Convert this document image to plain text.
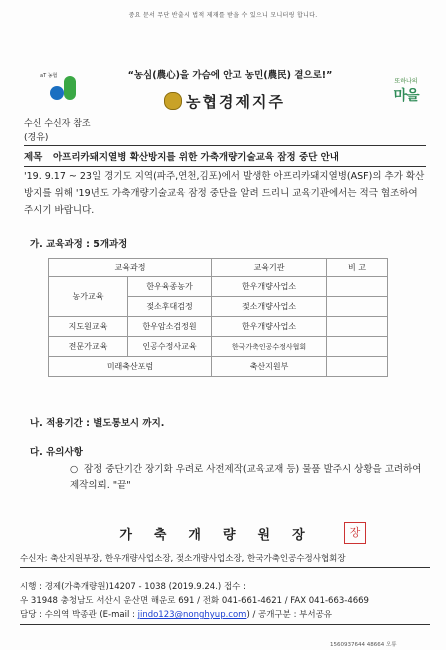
중요 문서 무단 반출시 법적 제재를 받을 수 있으니 모니터링 합니다.
aT 농협	“농심(農心)을 가슴에 안고 농민(農民) 곁으로!”
또하나의
마을
농협경제지주
수신 수신자 참조
(경유)
제목 아프리카돼지열병 확산방지를 위한 가축개량기술교육 잠정 중단 안내
'19. 9.17 ~ 23일 경기도 지역(파주,연천,김포)에서 발생한 아프리카돼지열병(ASF)의 추가 확산 방지를 위해 '19년도 가축개량기술교육 잠정 중단을 알려 드리니 교육기관에서는 적극 협조하여 주시기 바랍니다.
가. 교육과정 : 5개과정
교육과정		교육기관	비 고
농가교육	한우육종농가	한우개량사업소	
	젖소후대검정	젖소개량사업소	
지도원교육	한우암소검정원	한우개량사업소	
전문가교육	인공수정사교육	한국가축인공수정사협회	
미래축산포럼		축산지원부	
나. 적용기간 : 별도통보시 까지.
다. 유의사항
○ 잠정 중단기간 장기화 우려로 사전제작(교육교재 등) 물품 발주시 상황을 고려하여 제작의뢰. "끝"
가축개량원장	장
수신자: 축산지원부장, 한우개량사업소장, 젖소개량사업소장, 한국가축인공수정사협회장
시행 : 경제(가축개량원)14207 - 1038 (2019.9.24.) 접수 :
우 31948 충청남도 서산시 운산면 해운로 691 / 전화 041-661-4621 / FAX 041-663-4669
담당 : 수의역 박종관 (E-mail : jindo123@nonghyup.com) / 공개구분 : 부서공유
1560937644 48664 오류
